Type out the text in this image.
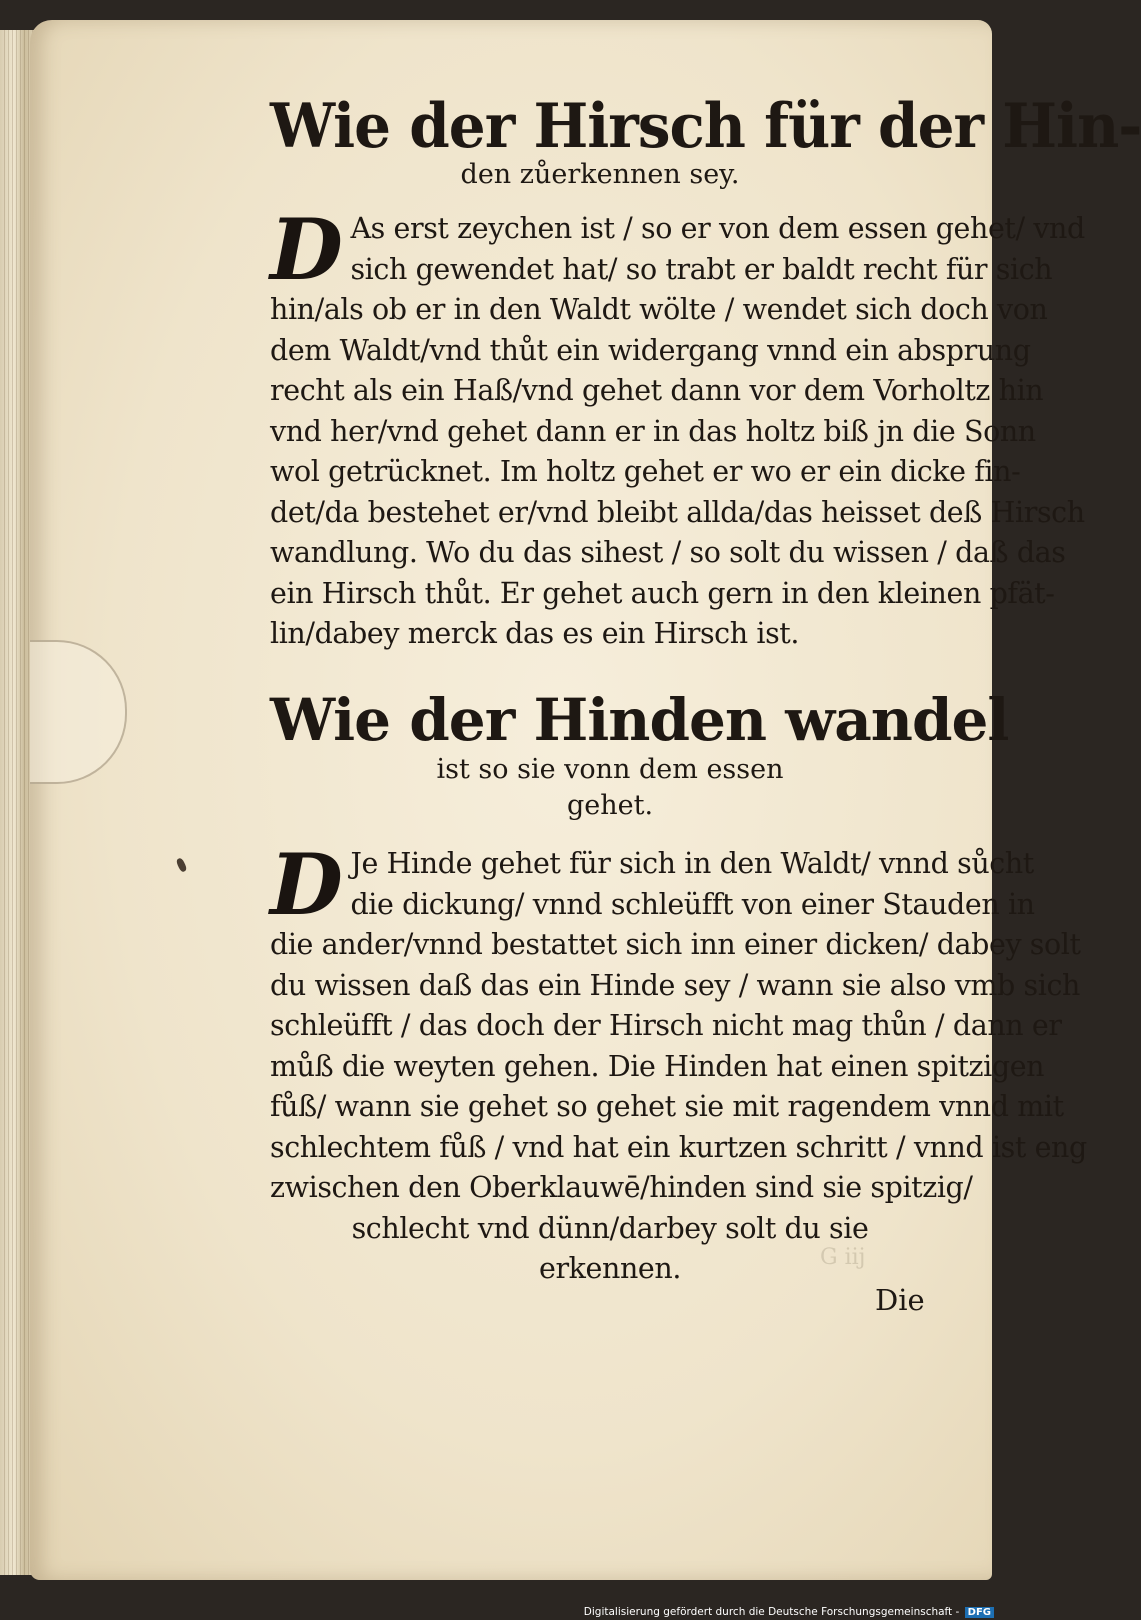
G iij

Wie der Hirsch für der Hin-

den zůerkennen sey.

D As erst zeychen ist / so er von dem essen gehet/ vnd
sich gewendet hat/ so trabt er baldt recht für sich
hin/als ob er in den Waldt wölte / wendet sich doch von
dem Waldt/vnd thůt ein widergang vnnd ein absprung
recht als ein Haß/vnd gehet dann vor dem Vorholtz hin
vnd her/vnd gehet dann er in das holtz biß jn die Sonn
wol getrücknet. Im holtz gehet er wo er ein dicke fin-
det/da bestehet er/vnd bleibt allda/das heisset deß Hirsch
wandlung. Wo du das sihest / so solt du wissen / daß das
ein Hirsch thůt. Er gehet auch gern in den kleinen pfät-
lin/dabey merck das es ein Hirsch ist.

Wie der Hinden wandel

ist so sie vonn dem essen

gehet.

D Je Hinde gehet für sich in den Waldt/ vnnd sůcht
die dickung/ vnnd schleüfft von einer Stauden in
die ander/vnnd bestattet sich inn einer dicken/ dabey solt
du wissen daß das ein Hinde sey / wann sie also vmb sich
schleüfft / das doch der Hirsch nicht mag thůn / dann er
můß die weyten gehen. Die Hinden hat einen spitzigen
fůß/ wann sie gehet so gehet sie mit ragendem vnnd mit
schlechtem fůß / vnd hat ein kurtzen schritt / vnnd ist eng
zwischen den Oberklauwē/hinden sind sie spitzig/
schlecht vnd dünn/darbey solt du sie
erkennen.
Die
Digitalisierung gefördert durch die Deutsche Forschungsgemeinschaft - DFG
